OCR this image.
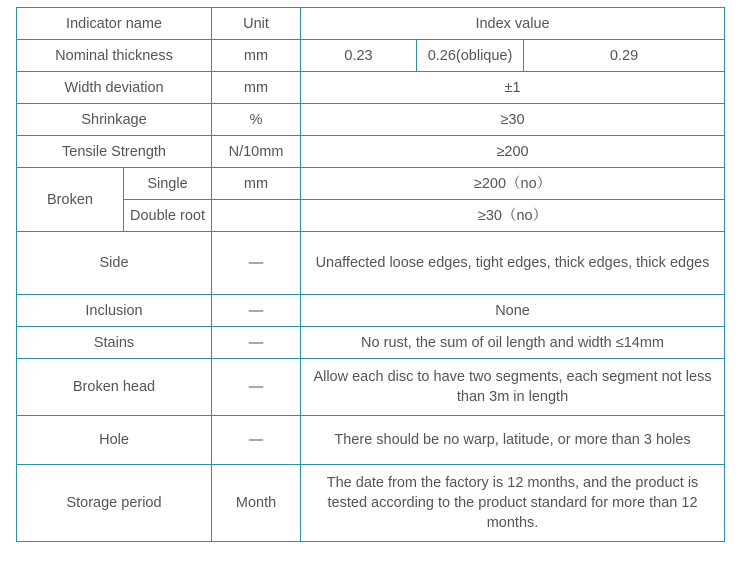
Indicator name		Unit	Index value
Nominal thickness		mm	0.23 0.26(oblique) 0.29

Width deviation		mm	±1
Shrinkage		%	≥30
Tensile Strength		N/10mm	≥200
Broken	Single	mm	≥200（no）
	Double root		≥30（no）
Side		—	Unaffected loose edges, tight edges, thick edges, thick edges
Inclusion		—	None
Stains		—	No rust, the sum of oil length and width ≤14mm
Broken head		—	Allow each disc to have two segments, each segment not less than 3m in length
Hole		—	There should be no warp, latitude, or more than 3 holes
Storage period		Month	The date from the factory is 12 months, and the product is tested according to the product standard for more than 12 months.
